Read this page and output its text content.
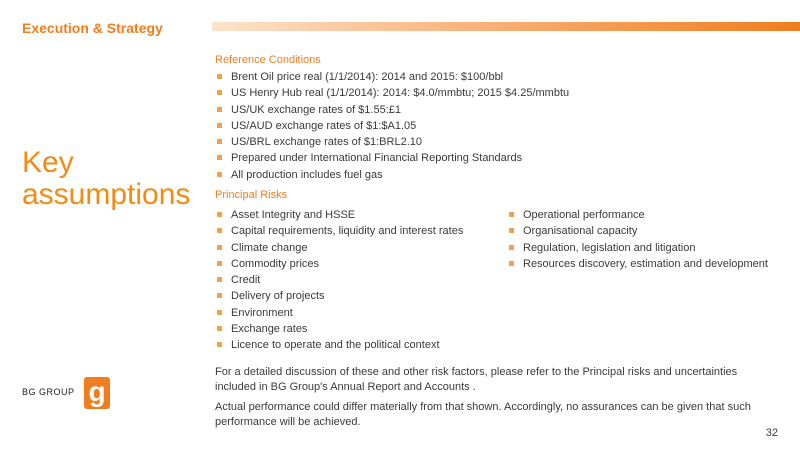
Execution & Strategy
Key
assumptions
Reference Conditions
Brent Oil price real (1/1/2014): 2014 and 2015: $100/bbl
US Henry Hub real (1/1/2014): 2014: $4.0/mmbtu; 2015 $4.25/mmbtu
US/UK exchange rates of $1.55:£1
US/AUD exchange rates of $1:$A1.05
US/BRL exchange rates of $1:BRL2.10
Prepared under International Financial Reporting Standards
All production includes fuel gas
Principal Risks
Asset Integrity and HSSE
Capital requirements, liquidity and interest rates
Climate change
Commodity prices
Credit
Delivery of projects
Environment
Exchange rates
Licence to operate and the political context
Operational performance
Organisational capacity
Regulation, legislation and litigation
Resources discovery, estimation and development
For a detailed discussion of these and other risk factors, please refer to the Principal risks and uncertainties included in BG Group's Annual Report and Accounts .
Actual performance could differ materially from that shown. Accordingly, no assurances can be given that such performance will be achieved.
BG GROUP g
32
